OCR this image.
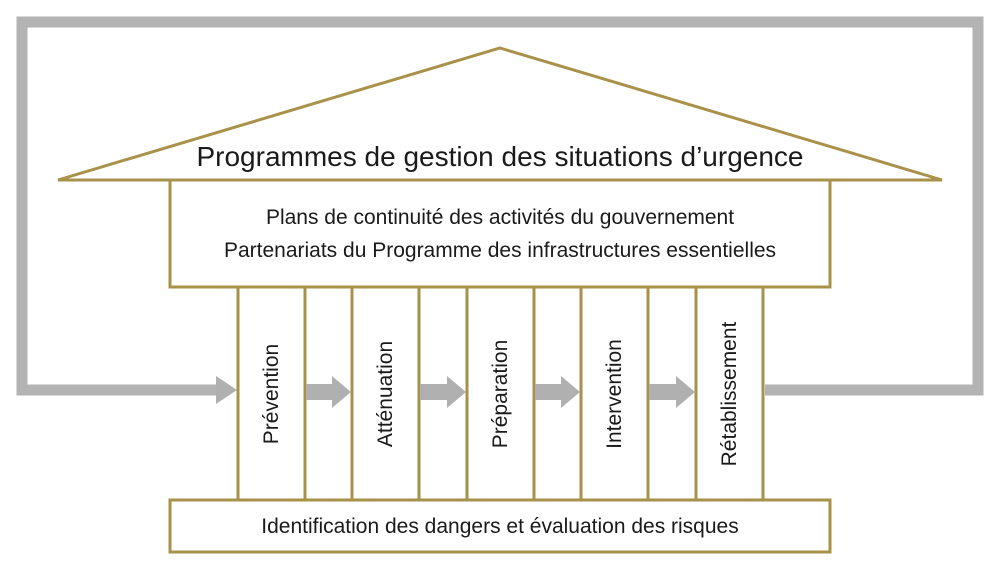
Programmes de gestion des situations d’urgence
Plans de continuité des activités du gouvernement
Partenariats du Programme des infrastructures essentielles
Prévention	Atténuation	Préparation	Intervention	Rétablissement
Identification des dangers et évaluation des risques
